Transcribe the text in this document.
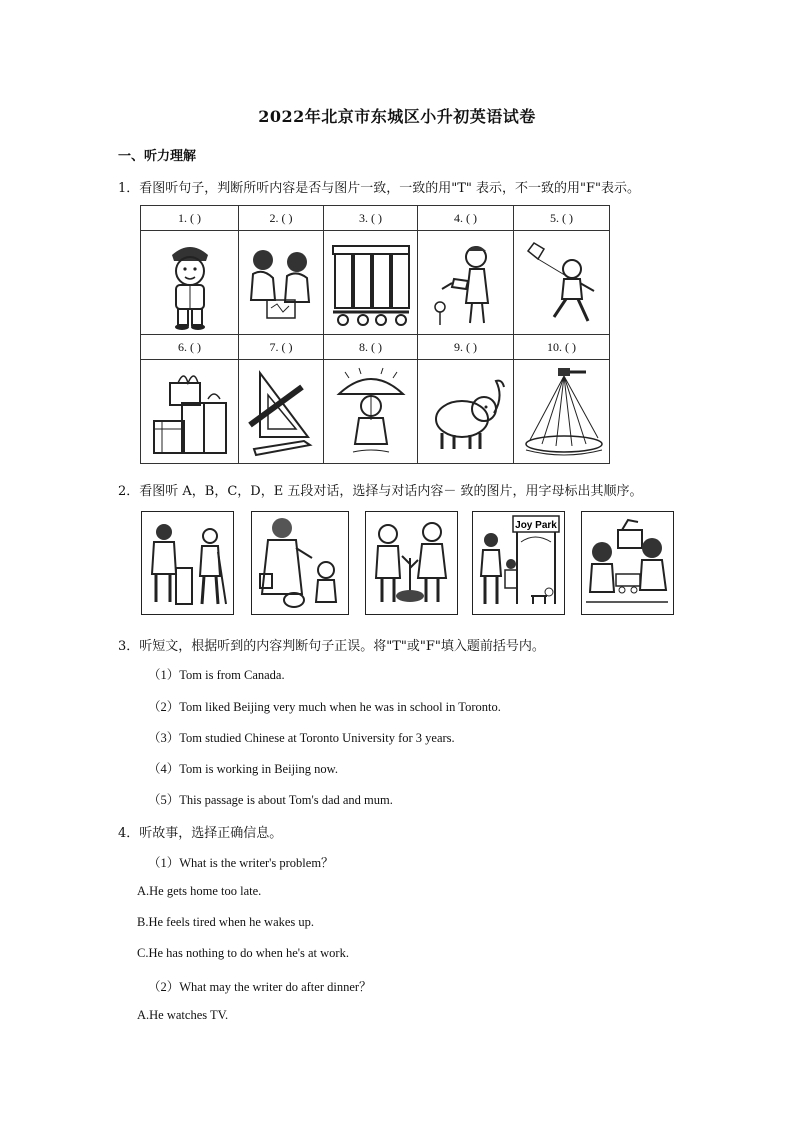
2022年北京市东城区小升初英语试卷
一、听力理解
1．看图听句子，判断所听内容是否与图片一致，一致的用"T" 表示，不一致的用"F"表示。
1. ( )	2. ( )	3. ( )	4. ( )	5. ( )

6. ( )	7. ( )	8. ( )	9. ( )	10. ( )

2．看图听 A，B，C，D，E 五段对话，选择与对话内容－ 致的图片，用字母标出其顺序。
Joy Park
3．听短文，根据听到的内容判断句子正误。将"T"或"F"填入题前括号内。
（1）Tom is from Canada.
（2）Tom liked Beijing very much when he was in school in Toronto.
（3）Tom studied Chinese at Toronto University for 3 years.
（4）Tom is working in Beijing now.
（5）This passage is about Tom's dad and mum.
4．听故事，选择正确信息。
（1）What is the writer's problem？
A.He gets home too late.
B.He feels tired when he wakes up.
C.He has nothing to do when he's at work.
（2）What may the writer do after dinner？
A.He watches TV.
